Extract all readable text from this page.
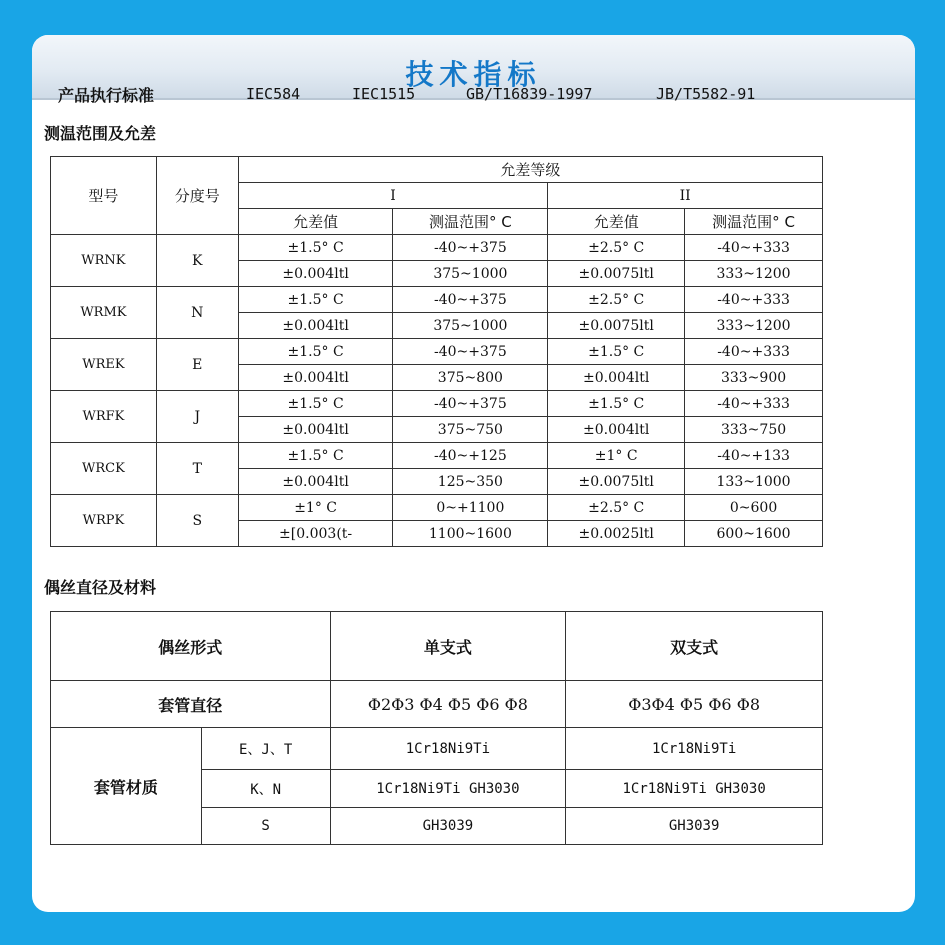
技术指标
产品执行标准	IEC584	IEC1515	GB/T16839-1997	JB/T5582-91
测温范围及允差
型号	分度号	允差等级			
		I		II	
		允差值	测温范围° C	允差值	测温范围° C
WRNK	K	±1.5° C	-40~+375	±2.5° C	-40~+333
		±0.004ltl	375~1000	±0.0075ltl	333~1200
WRMK	N	±1.5° C	-40~+375	±2.5° C	-40~+333
		±0.004ltl	375~1000	±0.0075ltl	333~1200
WREK	E	±1.5° C	-40~+375	±1.5° C	-40~+333
		±0.004ltl	375~800	±0.004ltl	333~900
WRFK	J	±1.5° C	-40~+375	±1.5° C	-40~+333
		±0.004ltl	375~750	±0.004ltl	333~750
WRCK	T	±1.5° C	-40~+125	±1° C	-40~+133
		±0.004ltl	125~350	±0.0075ltl	133~1000
WRPK	S	±1° C	0~+1100	±2.5° C	0~600
		±[0.003(t-	1100~1600	±0.0025ltl	600~1600
偶丝直径及材料
偶丝形式		单支式	双支式
套管直径		Φ2Φ3 Φ4 Φ5 Φ6 Φ8	Φ3Φ4 Φ5 Φ6 Φ8
套管材质	E、J、T	1Cr18Ni9Ti	1Cr18Ni9Ti
	K、N	1Cr18Ni9Ti GH3030	1Cr18Ni9Ti GH3030
	S	GH3039	GH3039
